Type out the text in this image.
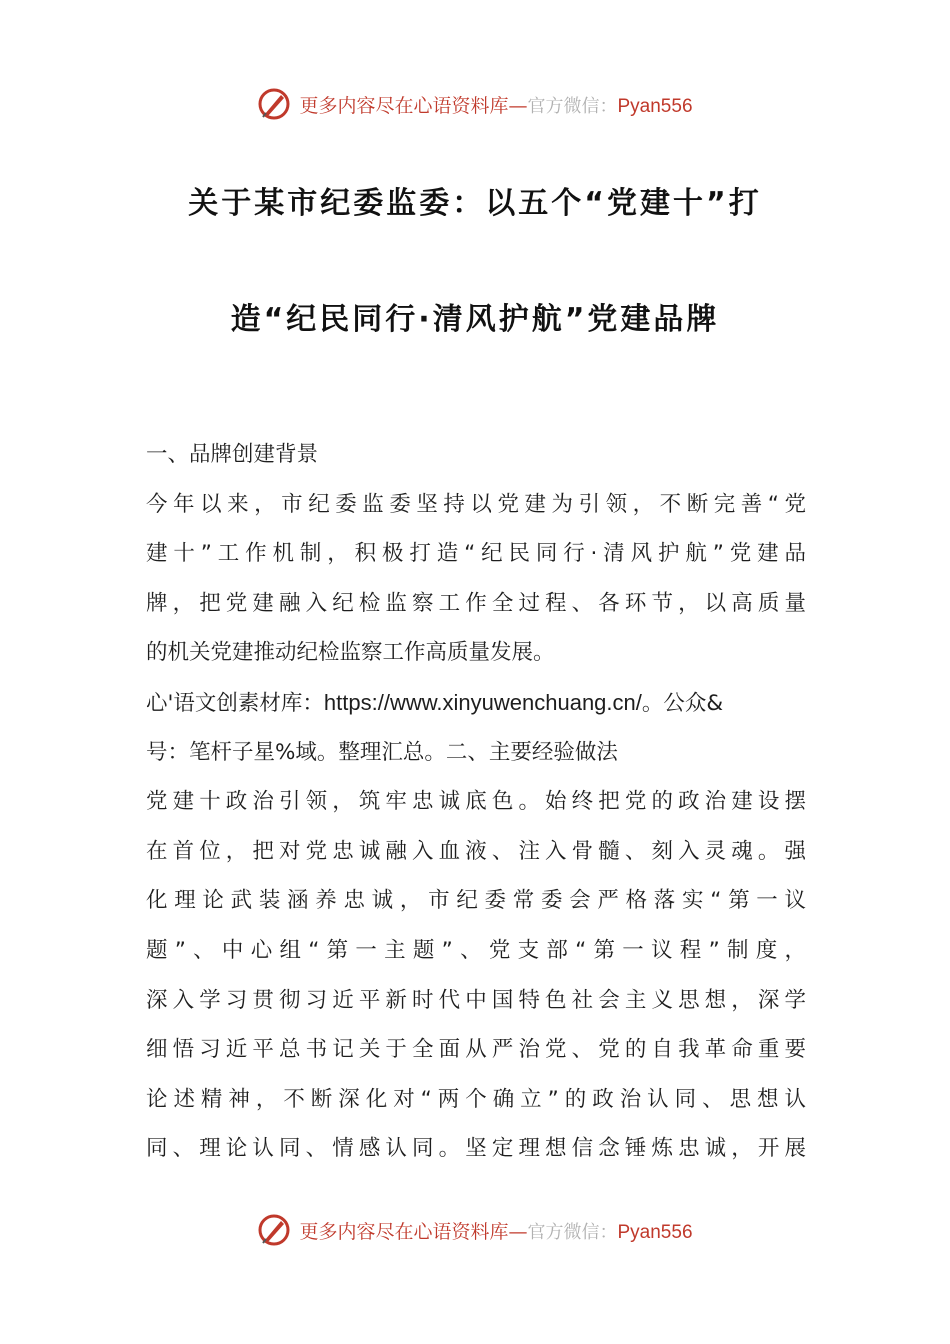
更多内容尽在心语资料库—官方微信：Pyan556
关于某市纪委监委：以五个“党建十”打
造“纪民同行·清风护航”党建品牌
一、品牌创建背景
今年以来，市纪委监委坚持以党建为引领，不断完善“党
建十”工作机制，积极打造“纪民同行·清风护航”党建品
牌，把党建融入纪检监察工作全过程、各环节，以高质量
的机关党建推动纪检监察工作高质量发展。
心'语文创素材库：https://www.xinyuwenchuang.cn/。公众&
号：笔杆子星%域。整理汇总。二、主要经验做法
党建十政治引领，筑牢忠诚底色。始终把党的政治建设摆
在首位，把对党忠诚融入血液、注入骨髓、刻入灵魂。强
化理论武装涵养忠诚，市纪委常委会严格落实“第一议
题”、中心组“第一主题”、党支部“第一议程”制度，
深入学习贯彻习近平新时代中国特色社会主义思想，深学
细悟习近平总书记关于全面从严治党、党的自我革命重要
论述精神，不断深化对“两个确立”的政治认同、思想认
同、理论认同、情感认同。坚定理想信念锤炼忠诚，开展
更多内容尽在心语资料库—官方微信：Pyan556
